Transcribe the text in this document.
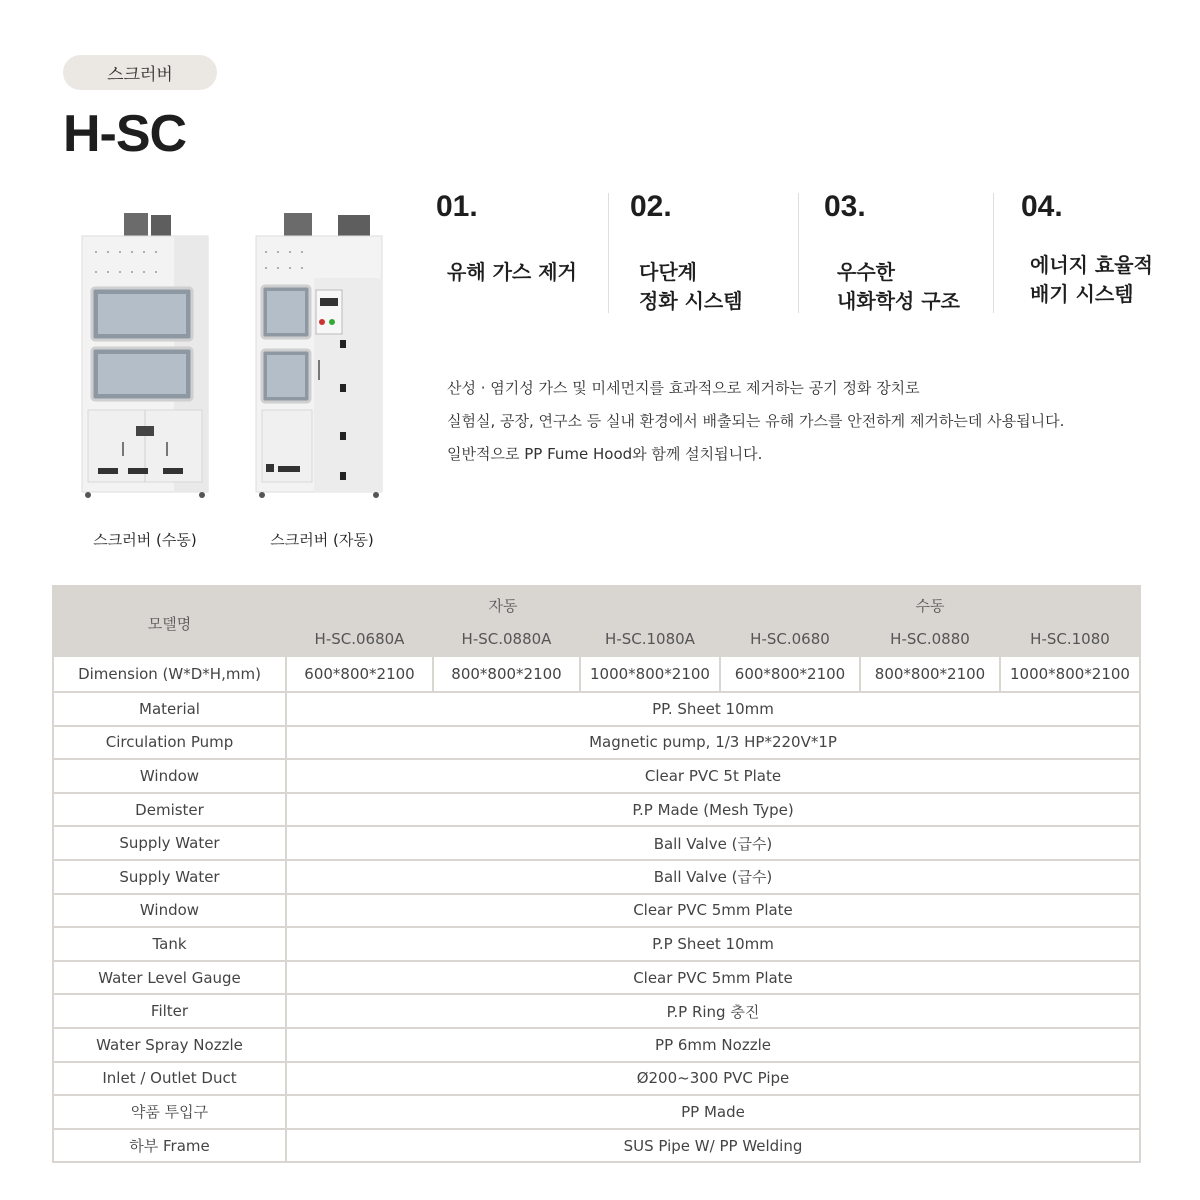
스크러버
H-SC
스크러버 (수동)	스크러버 (자동)
01.
유해 가스 제거
02.
다단계
정화 시스템
03.
우수한
내화학성 구조
04.
에너지 효율적
배기 시스템
산성 · 염기성 가스 및 미세먼지를 효과적으로 제거하는 공기 정화 장치로
실험실, 공장, 연구소 등 실내 환경에서 배출되는 유해 가스를 안전하게 제거하는데 사용됩니다.
일반적으로 PP Fume Hood와 함께 설치됩니다.
모델명	자동			수동		
	H-SC.0680A	H-SC.0880A	H-SC.1080A	H-SC.0680	H-SC.0880	H-SC.1080
Dimension (W*D*H,mm)	600*800*2100	800*800*2100	1000*800*2100	600*800*2100	800*800*2100	1000*800*2100
Material	PP. Sheet 10mm					
Circulation Pump	Magnetic pump, 1/3 HP*220V*1P					
Window	Clear PVC 5t Plate					
Demister	P.P Made (Mesh Type)					
Supply Water	Ball Valve (급수)					
Supply Water	Ball Valve (급수)					
Window	Clear PVC 5mm Plate					
Tank	P.P Sheet 10mm					
Water Level Gauge	Clear PVC 5mm Plate					
Filter	P.P Ring 충진					
Water Spray Nozzle	PP 6mm Nozzle					
Inlet / Outlet Duct	Ø200~300 PVC Pipe					
약품 투입구	PP Made					
하부 Frame	SUS Pipe W/ PP Welding					
